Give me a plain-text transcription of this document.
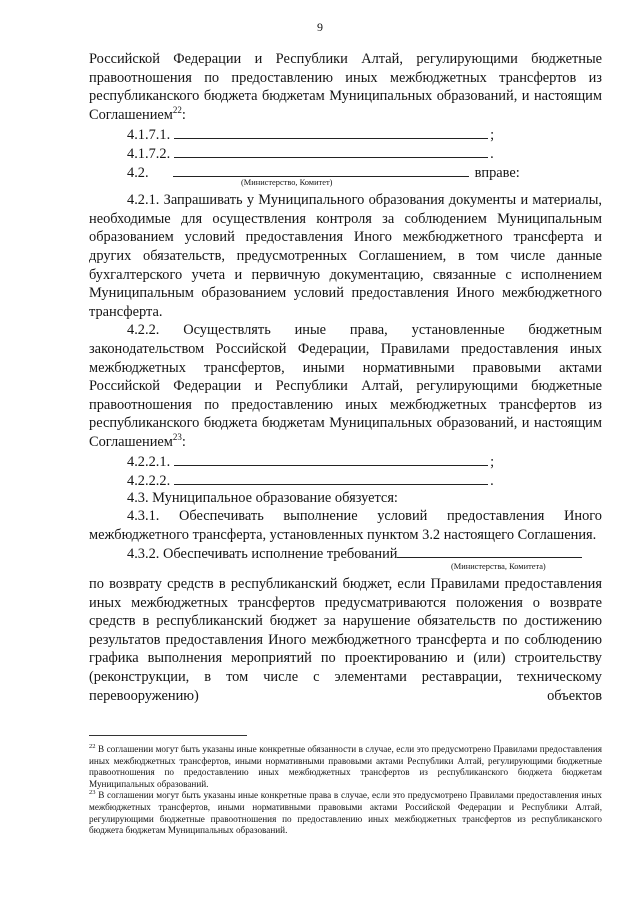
9

Российской Федерации и Республики Алтай, регулирующими бюджетные правоотношения по предоставлению иных межбюджетных трансфертов из республиканского бюджета бюджетам Муниципальных образований, и настоящим Соглашением$^{22}$:

4.1.7.1.	;
4.1.7.2.	.
4.2.	вправе:
(Министерство, Комитет)

4.2.1. Запрашивать у Муниципального образования документы и материалы, необходимые для осуществления контроля за соблюдением Муниципальным образованием условий предоставления Иного межбюджетного трансферта и других обязательств, предусмотренных Соглашением, в том числе данные бухгалтерского учета и первичную документацию, связанные с исполнением Муниципальным образованием условий предоставления Иного межбюджетного трансферта.

4.2.2. Осуществлять иные права, установленные бюджетным законодательством Российской Федерации, Правилами предоставления иных межбюджетных трансфертов, иными нормативными правовыми актами Российской Федерации и Республики Алтай, регулирующими бюджетные правоотношения по предоставлению иных межбюджетных трансфертов из республиканского бюджета бюджетам Муниципальных образований, и настоящим Соглашением$^{23}$:

4.2.2.1.	;
4.2.2.2.	.

4.3. Муниципальное образование обязуется:

4.3.1. Обеспечивать выполнение условий предоставления Иного межбюджетного трансферта, установленных пунктом 3.2 настоящего Соглашения.

4.3.2. Обеспечивать исполнение требований

(Министерства, Комитета)

по возврату средств в республиканский бюджет, если Правилами предоставления иных межбюджетных трансфертов предусматриваются положения о возврате средств в республиканский бюджет за нарушение обязательств по достижению результатов предоставления Иного межбюджетного трансферта и по соблюдению графика выполнения мероприятий по проектированию и (или) строительству (реконструкции, в том числе с элементами реставрации, техническому перевооружению) объектов

$^{22}$ В соглашении могут быть указаны иные конкретные обязанности в случае, если это предусмотрено Правилами предоставления иных межбюджетных трансфертов, иными нормативными правовыми актами Республики Алтай, регулирующими бюджетные правоотношения по предоставлению иных межбюджетных трансфертов из республиканского бюджета бюджетам Муниципальных образований.

$^{23}$ В соглашении могут быть указаны иные конкретные права в случае, если это предусмотрено Правилами предоставления иных межбюджетных трансфертов, иными нормативными правовыми актами Российской Федерации и Республики Алтай, регулирующими бюджетные правоотношения по предоставлению иных межбюджетных трансфертов из республиканского бюджета бюджетам Муниципальных образований.
